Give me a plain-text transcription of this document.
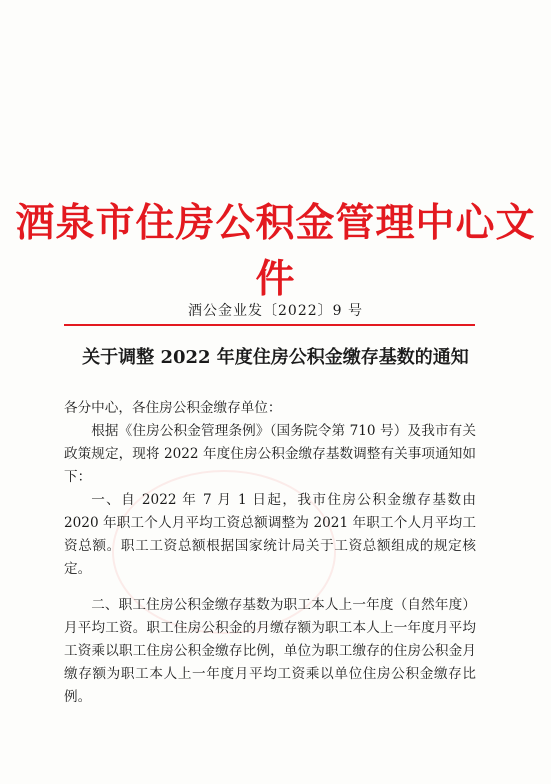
酒泉市住房公积金管理中心文件
酒公金业发〔2022〕9 号
关于调整 2022 年度住房公积金缴存基数的通知

各分中心，各住房公积金缴存单位：

根据《住房公积金管理条例》（国务院令第 710 号）及我市有关政策规定，现将 2022 年度住房公积金缴存基数调整有关事项通知如下：

一、自 2022 年 7 月 1 日起，我市住房公积金缴存基数由 2020 年职工个人月平均工资总额调整为 2021 年职工个人月平均工资总额。职工工资总额根据国家统计局关于工资总额组成的规定核定。

二、职工住房公积金缴存基数为职工本人上一年度（自然年度）月平均工资。职工住房公积金的月缴存额为职工本人上一年度月平均工资乘以职工住房公积金缴存比例，单位为职工缴存的住房公积金月缴存额为职工本人上一年度月平均工资乘以单位住房公积金缴存比例。
